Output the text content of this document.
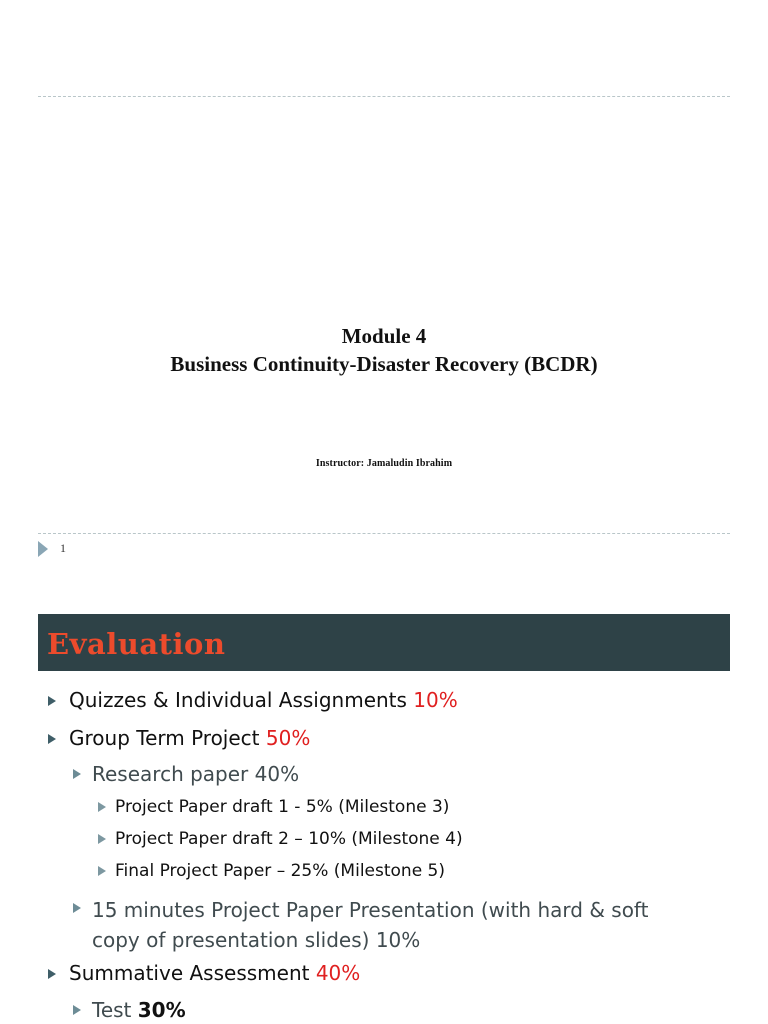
Module 4
Business Continuity-Disaster Recovery (BCDR)
Instructor: Jamaludin Ibrahim
1
Evaluation
Quizzes & Individual Assignments 10%
Group Term Project 50%
Research paper 40%
Project Paper draft 1 - 5% (Milestone 3)
Project Paper draft 2 – 10% (Milestone 4)
Final Project Paper – 25% (Milestone 5)
15 minutes Project Paper Presentation (with hard & soft
copy of presentation slides) 10%
Summative Assessment 40%
Test 30%
